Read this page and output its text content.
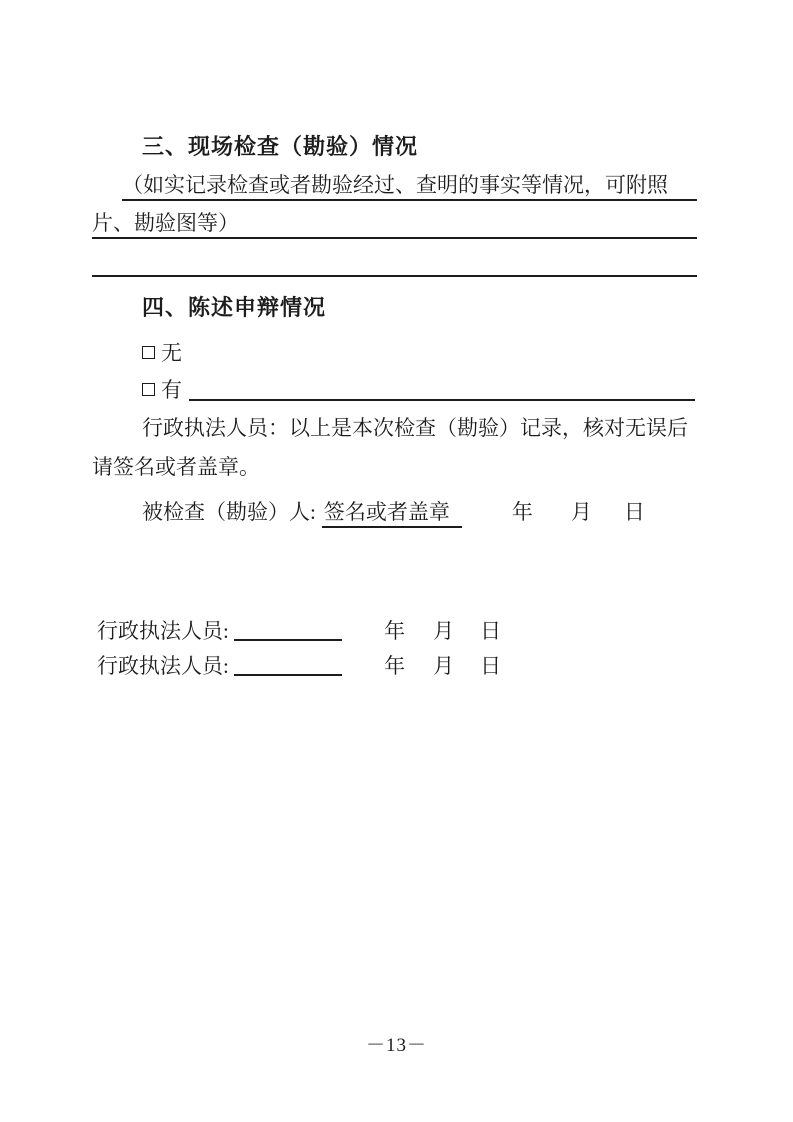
三、现场检查（勘验）情况
（如实记录检查或者勘验经过、查明的事实等情况，可附照
片、勘验图等）
四、陈述申辩情况
无
有
行政执法人员：以上是本次检查（勘验）记录，核对无误后
请签名或者盖章。
被检查（勘验）人: 签名或者盖章	年 月 日
行政执法人员:	年 月 日
行政执法人员:	年 月 日
－13－
